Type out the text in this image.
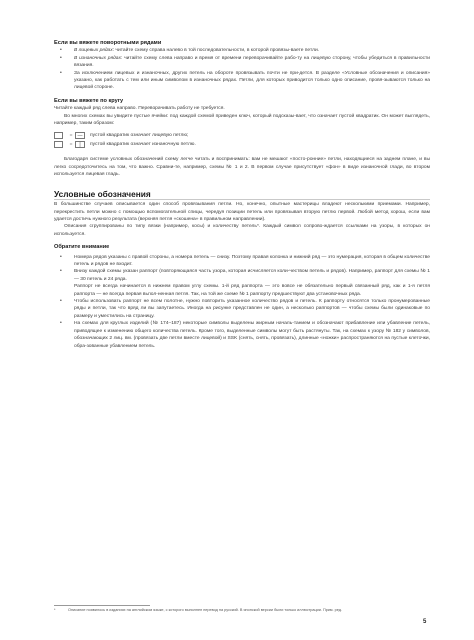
Если вы вяжете поворотными рядами
• В лицевых рядах: читайте схему справа налево в той последовательности, в которой провязы-ваете петли.
• В изнаночных рядах: читайте схему слева направо и время от времени переворачивайте рабо-ту на лицевую сторону, чтобы убедиться в правильности вязания.
• За исключением лицевых и изнаночных, других петель на обороте провязывать почти не при-дется. В разделе «Условные обозначения и описания» указано, как работать с тем или иным символом в изнаночных рядах. Петли, для которых приводится только одно описание, провя-зываются только на лицевой стороне.
Если вы вяжете по кругу
Читайте каждый ряд слева направо. Переворачивать работу не требуется.
Во многих схемах вы увидите пустые ячейки: под каждой схемой приведен ключ, который подсказы-вает, что означает пустой квадратик. Он может выглядеть, например, таким образом:
=	—	пустой квадратик означает лицевую петлю;
=	|	пустой квадратик означает изнаночную петлю.
Благодаря системе условных обозначений схему легче читать и воспринимать: вам не мешают «посто-ронние» петли, находящиеся на заднем плане, и вы легко сосредоточитесь на том, что важно. Сравни-те, например, схемы № 1 и 2. В первом случае присутствует «фон» в виде изнаночной глади, во втором используется лицевая гладь.
Условные обозначения
В большинстве случаев описывается один способ провязывания петли. Но, конечно, опытные мастерицы владеют несколькими приемами. Например, перекрестить петли можно с помощью вспомогательной спицы, чередуя позиции петель или провязывая вторую петлю первой. Любой метод хорош, если вам удается достичь нужного результата (верхняя петля «скошена» в правильном направлении).
Описания сгруппированы по типу вязки (например, косы) и количеству петель*. Каждый символ сопрово-ждается ссылками на узоры, в которых он используется.
Обратите внимание
• Номера рядов указаны с правой стороны, а номера петель — снизу. Поэтому правая колонка и нижний ряд — это нумерация, которая в общем количестве петель и рядов не входит.
• Внизу каждой схемы указан раппорт (повторяющаяся часть узора, которая исчисляется коли-чеством петель и рядов). Например, раппорт для схемы № 1 — 30 петель и 24 ряда.
Раппорт не всегда начинается в нижнем правом углу схемы. 1-й ряд раппорта — это вовсе не обязательно первый связанный ряд, как и 1-я петля раппорта — не всегда первая вьпол-ненная петля. Так, на той же схеме № 1 раппорту предшествуют два установочных ряда.
• Чтобы использовать раппорт не всем полотне, нужно повторить указанное количество рядов и петель. К раппорту относятся только пронумерованные ряды и петли, так что вряд ли вы запутаетесь. Иногда на рисунке представлен не один, а несколько раппортов — чтобы схемы были одинаковые по размеру и уместились на страницу.
• На схемах для круглых изделий (№ 174–187) некоторые символы выделены жирным началь-танием и обозначают прибавление или убавление петель, приводящее к изменению общего количества петель. Кроме того, выделенные символы могут быть растянуты. Так, на схемах к узору № 182 у символов, обозначающих 2 лиц. вм. (провязать две петли вместе лицевой) и SSK (снять, снять, провязать), длинные «ножки» распространяются на пустые клеточки, обра-зованные убавлением петель.
*	Описание появилось в изданиях на английском языке, с которого выполнен перевод на русский. В японской версии были только иллюстрации. Прим. ред.
5
